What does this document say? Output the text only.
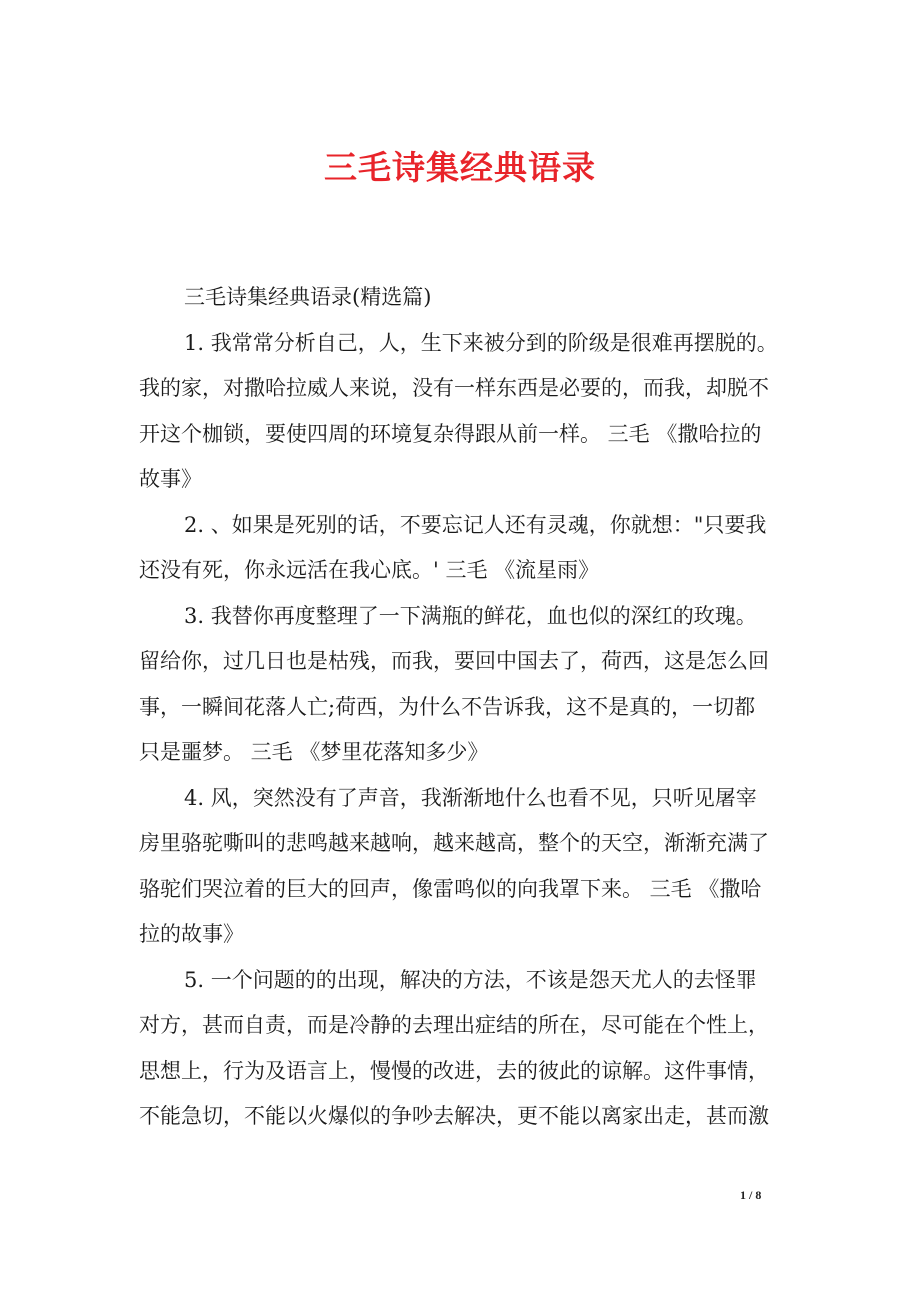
三毛诗集经典语录
三毛诗集经典语录(精选篇)
1. 我常常分析自己，人，生下来被分到的阶级是很难再摆脱的。
我的家，对撒哈拉威人来说，没有一样东西是必要的，而我，却脱不
开这个枷锁，要使四周的环境复杂得跟从前一样。 三毛 《撒哈拉的
故事》
2. 、如果是死别的话，不要忘记人还有灵魂，你就想："只要我
还没有死，你永远活在我心底。' 三毛 《流星雨》
3. 我替你再度整理了一下满瓶的鲜花，血也似的深红的玫瑰。
留给你，过几日也是枯残，而我，要回中国去了，荷西，这是怎么回
事，一瞬间花落人亡;荷西，为什么不告诉我，这不是真的，一切都
只是噩梦。 三毛 《梦里花落知多少》
4. 风，突然没有了声音，我渐渐地什么也看不见，只听见屠宰
房里骆驼嘶叫的悲鸣越来越响，越来越高，整个的天空，渐渐充满了
骆驼们哭泣着的巨大的回声，像雷鸣似的向我罩下来。 三毛 《撒哈
拉的故事》
5. 一个问题的的出现，解决的方法，不该是怨天尤人的去怪罪
对方，甚而自责，而是冷静的去理出症结的所在，尽可能在个性上，
思想上，行为及语言上，慢慢的改进，去的彼此的谅解。这件事情，
不能急切，不能以火爆似的争吵去解决，更不能以离家出走，甚而激
1 / 8
